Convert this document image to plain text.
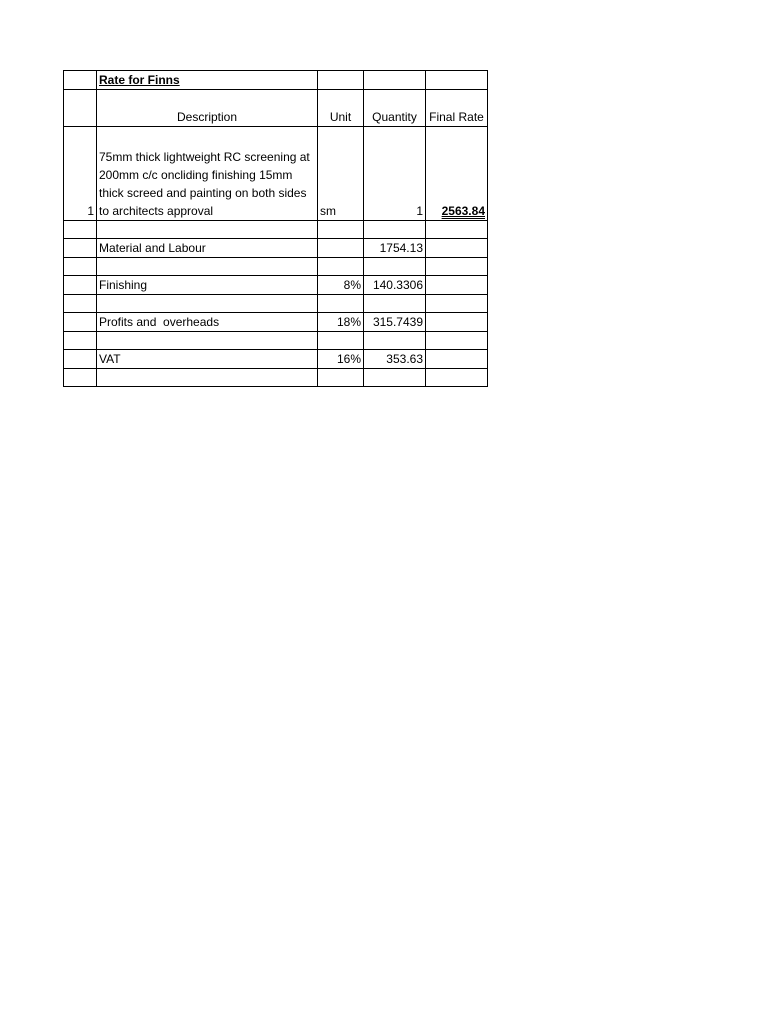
	Rate for Finns			
	Description	Unit	Quantity	Final Rate
1	75mm thick lightweight RC screening at 200mm c/c oncliding finishing 15mm thick screed and painting on both sides to architects approval	sm	1	2563.84

	Material and Labour		1754.13	

	Finishing	8%	140.3306	

	Profits and  overheads	18%	315.7439	

	VAT	16%	353.63	
